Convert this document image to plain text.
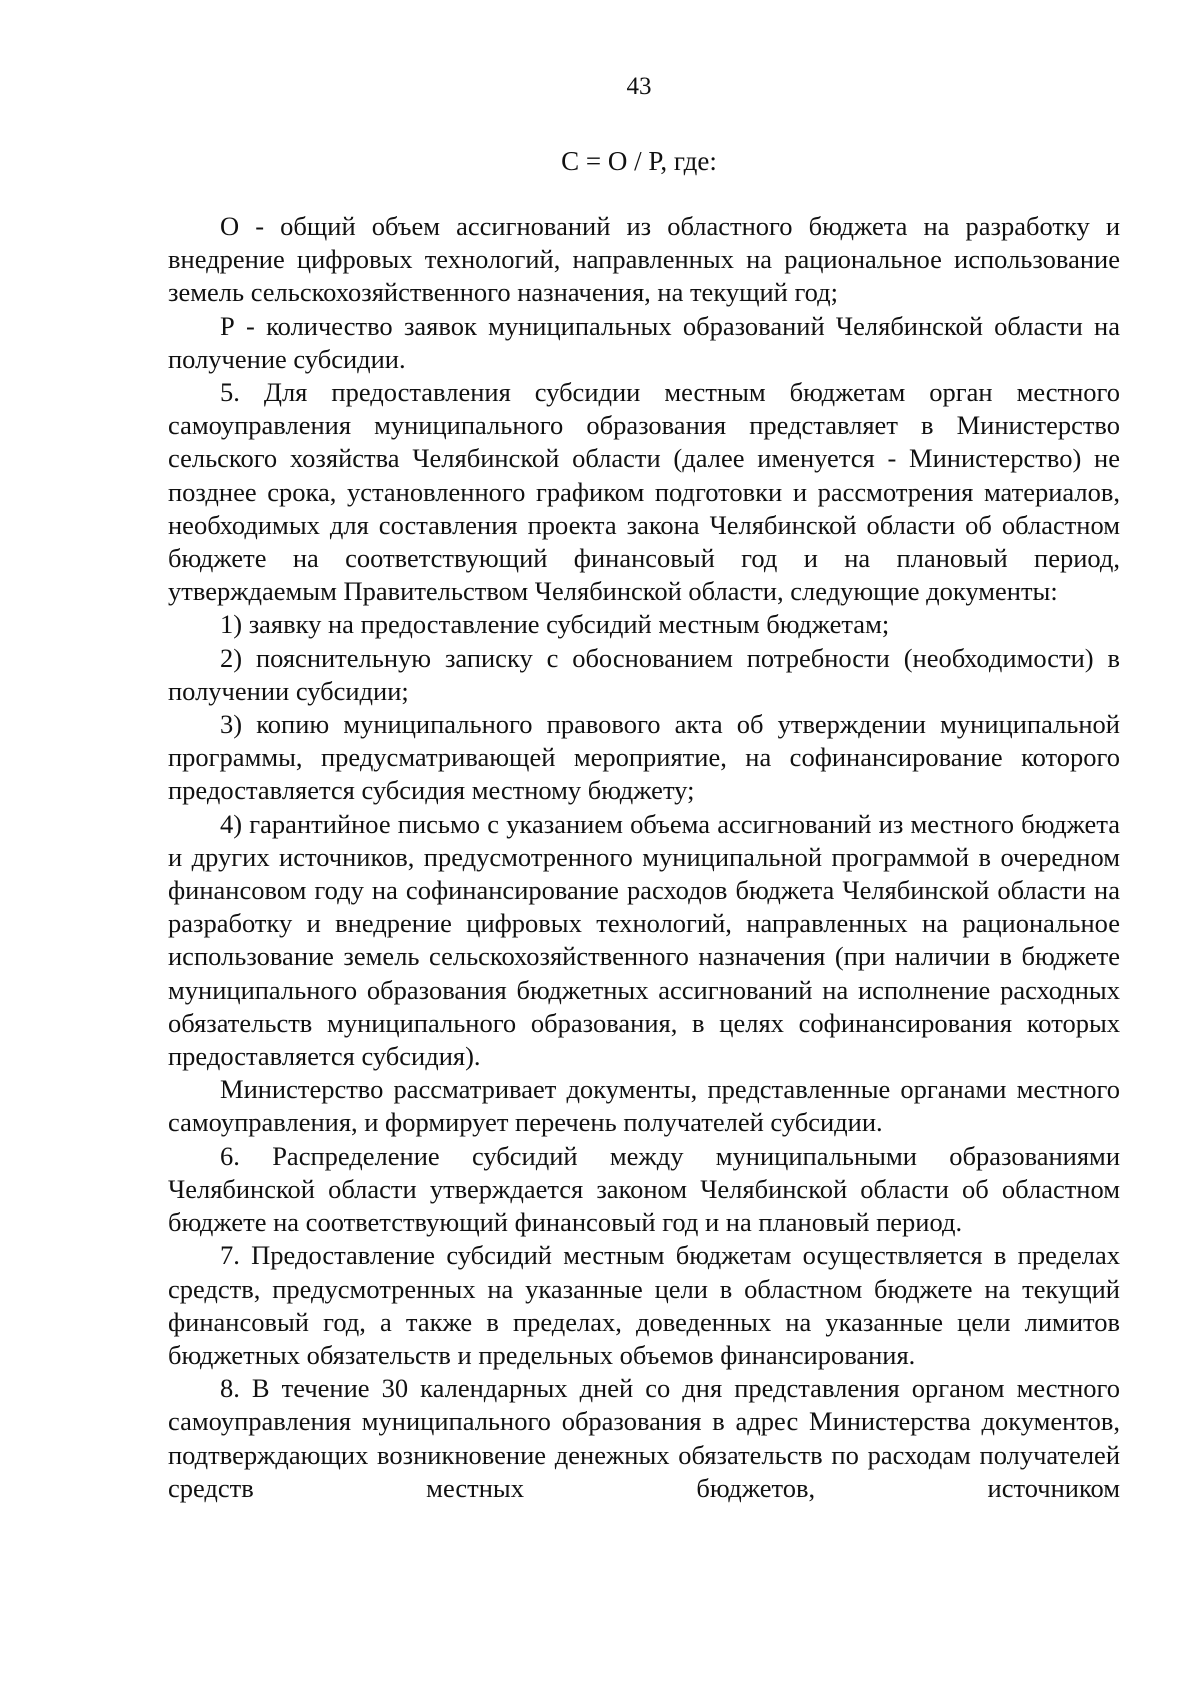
43
C = O / P, где:

О - общий объем ассигнований из областного бюджета на разработку и внедрение цифровых технологий, направленных на рациональное использование земель сельскохозяйственного назначения, на текущий год;

Р - количество заявок муниципальных образований Челябинской области на получение субсидии.

5. Для предоставления субсидии местным бюджетам орган местного самоуправления муниципального образования представляет в Министерство сельского хозяйства Челябинской области (далее именуется - Министерство) не позднее срока, установленного графиком подготовки и рассмотрения материалов, необходимых для составления проекта закона Челябинской области об областном бюджете на соответствующий финансовый год и на плановый период, утверждаемым Правительством Челябинской области, следующие документы:

1) заявку на предоставление субсидий местным бюджетам;

2) пояснительную записку с обоснованием потребности (необходимости) в получении субсидии;

3) копию муниципального правового акта об утверждении муниципальной программы, предусматривающей мероприятие, на софинансирование которого предоставляется субсидия местному бюджету;

4) гарантийное письмо с указанием объема ассигнований из местного бюджета и других источников, предусмотренного муниципальной программой в очередном финансовом году на софинансирование расходов бюджета Челябинской области на разработку и внедрение цифровых технологий, направленных на рациональное использование земель сельскохозяйственного назначения (при наличии в бюджете муниципального образования бюджетных ассигнований на исполнение расходных обязательств муниципального образования, в целях софинансирования которых предоставляется субсидия).

Министерство рассматривает документы, представленные органами местного самоуправления, и формирует перечень получателей субсидии.

6. Распределение субсидий между муниципальными образованиями Челябинской области утверждается законом Челябинской области об областном бюджете на соответствующий финансовый год и на плановый период.

7. Предоставление субсидий местным бюджетам осуществляется в пределах средств, предусмотренных на указанные цели в областном бюджете на текущий финансовый год, а также в пределах, доведенных на указанные цели лимитов бюджетных обязательств и предельных объемов финансирования.

8. В течение 30 календарных дней со дня представления органом местного самоуправления муниципального образования в адрес Министерства документов, подтверждающих возникновение денежных обязательств по расходам получателей средств местных бюджетов, источником
